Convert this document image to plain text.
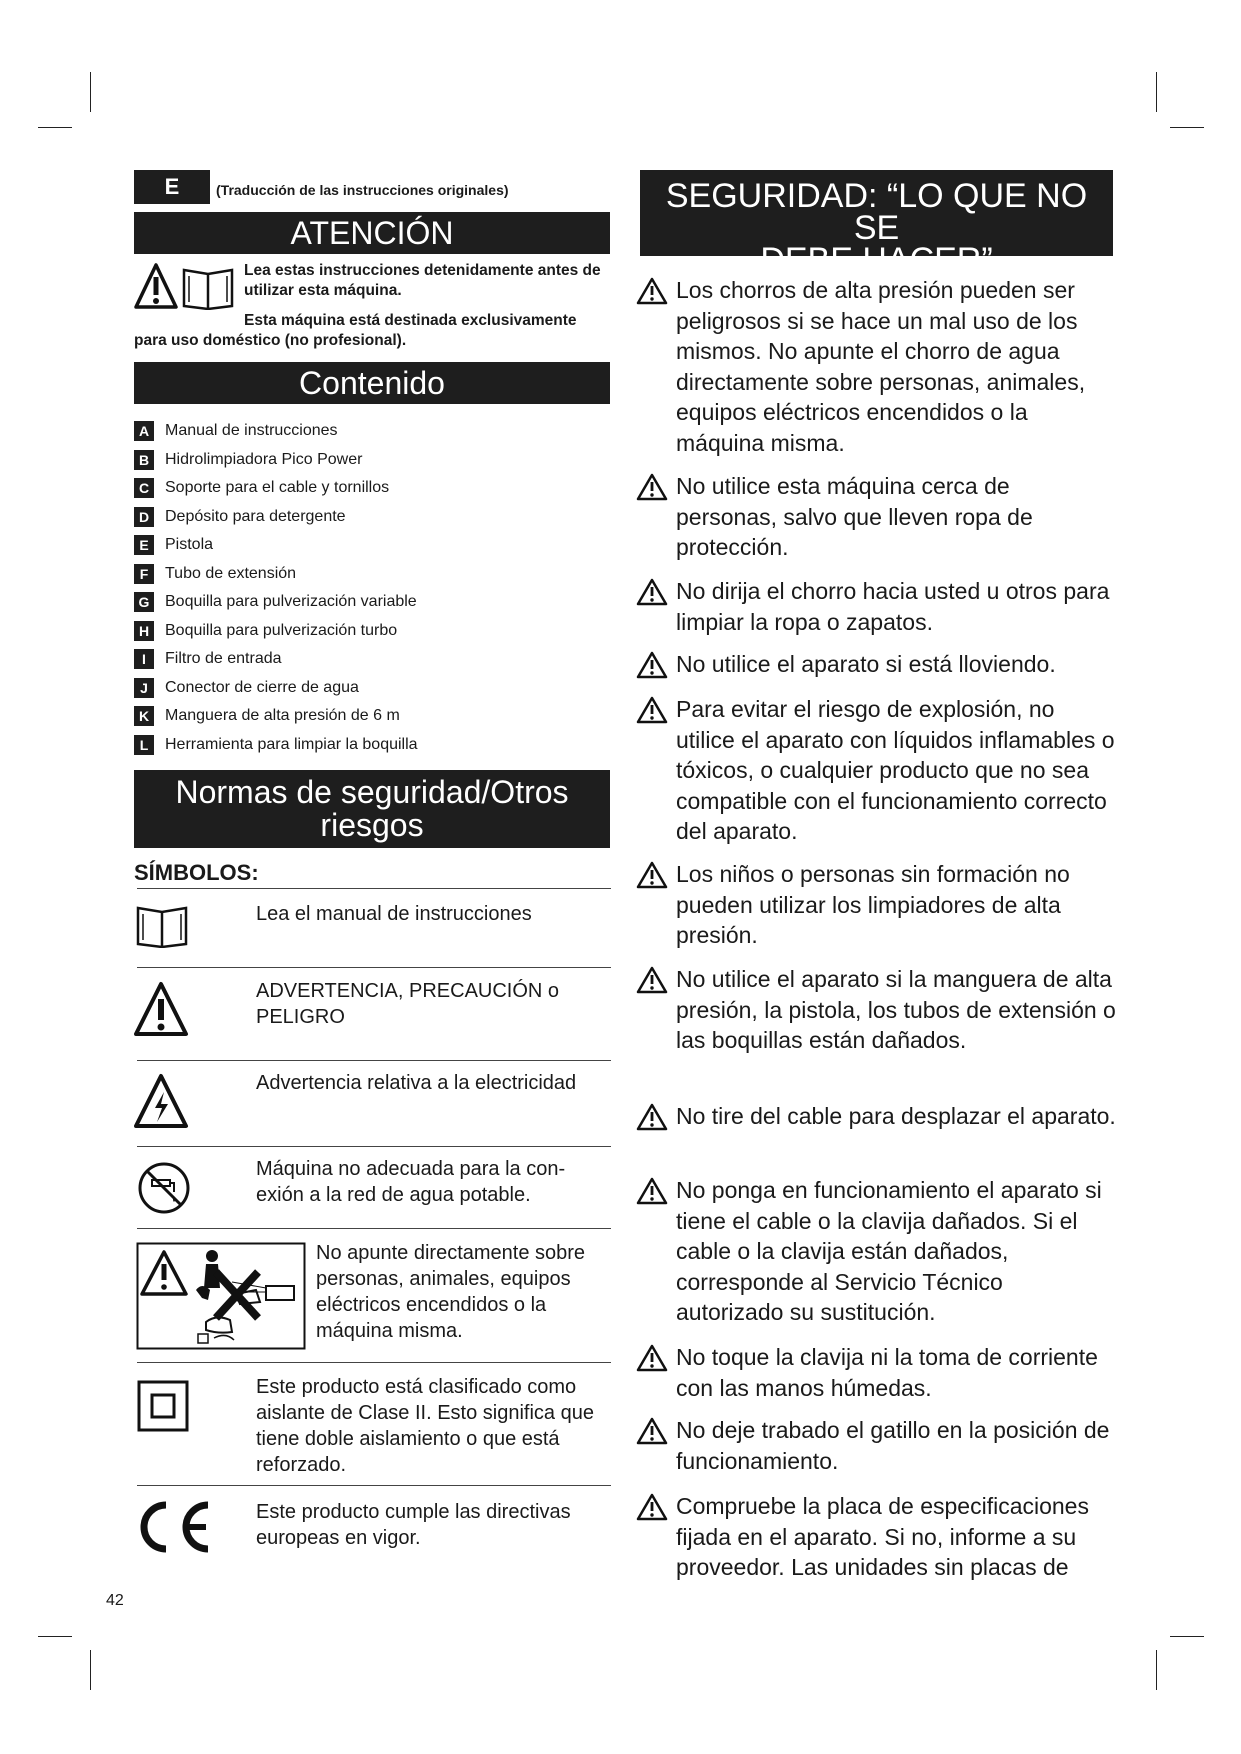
E	(Traducción de las instrucciones originales)
ATENCIÓN
Lea estas instrucciones detenidamente antes de utilizar esta máquina.
Esta máquina está destinada exclusivamente
para uso doméstico (no profesional).
Contenido
A Manual de instrucciones
B Hidrolimpiadora Pico Power
C Soporte para el cable y tornillos
D Depósito para detergente
E	Pistola
F	Tubo de extensión
G Boquilla para pulverización variable
H Boquilla para pulverización turbo
I	Filtro de entrada
J	Conector de cierre de agua
K Manguera de alta presión de 6 m
L	Herramienta para limpiar la boquilla
Normas de seguridad/Otros
riesgos
SÍMBOLOS:
Lea el manual de instrucciones
ADVERTENCIA, PRECAUCIÓN o PELIGRO
Advertencia relativa a la electricidad
Máquina no adecuada para la con-exión a la red de agua potable.
No apunte directamente sobre personas, animales, equipos eléctricos encendidos o la máquina misma.
Este producto está clasificado como aislante de Clase II. Esto significa que tiene doble aislamiento o que está reforzado.
Este producto cumple las directivas europeas en vigor.
SEGURIDAD: “LO QUE NO SE
DEBE HACER”
Los chorros de alta presión pueden ser peligrosos si se hace un mal uso de los mismos. No apunte el chorro de agua directamente sobre personas, animales, equipos eléctricos encendidos o la máquina misma.
No utilice esta máquina cerca de personas, salvo que lleven ropa de protección.
No dirija el chorro hacia usted u otros para limpiar la ropa o zapatos.
No utilice el aparato si está lloviendo.
Para evitar el riesgo de explosión, no utilice el aparato con líquidos inflamables o tóxicos, o cualquier producto que no sea compatible con el funcionamiento correcto del aparato.
Los niños o personas sin formación no pueden utilizar los limpiadores de alta presión.
No utilice el aparato si la manguera de alta presión, la pistola, los tubos de extensión o las boquillas están dañados.
No tire del cable para desplazar el aparato.
No ponga en funcionamiento el aparato si tiene el cable o la clavija dañados. Si el cable o la clavija están dañados, corresponde al Servicio Técnico autorizado su sustitución.
No toque la clavija ni la toma de corriente con las manos húmedas.
No deje trabado el gatillo en la posición de funcionamiento.
Compruebe la placa de especificaciones fijada en el aparato. Si no, informe a su proveedor. Las unidades sin placas de
42
